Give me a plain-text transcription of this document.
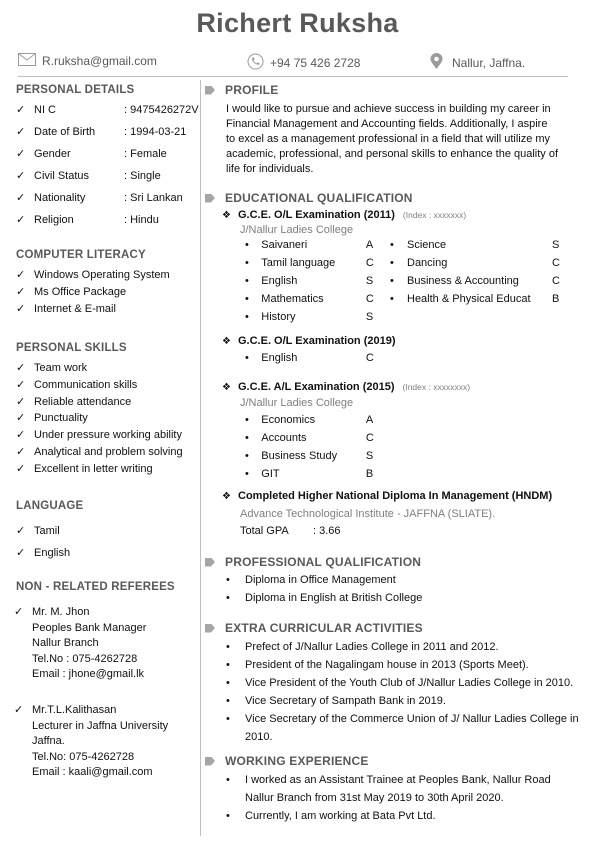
Richert Ruksha
R.ruksha@gmail.com	+94 75 426 2728	Nallur, Jaffna.
PERSONAL DETAILS
✓ NI C	: 9475426272V
✓ Date of Birth	: 1994-03-21
✓ Gender	: Female
✓ Civil Status	: Single
✓ Nationality	: Sri Lankan
✓ Religion	: Hindu
COMPUTER LITERACY
✓ Windows Operating System
✓ Ms Office Package
✓ Internet & E-mail
PERSONAL SKILLS
✓ Team work
✓ Communication skills
✓ Reliable attendance
✓ Punctuality
✓ Under pressure working ability
✓ Analytical and problem solving
✓ Excellent in letter writing
LANGUAGE
✓ Tamil
✓ English
NON - RELATED REFEREES
✓ Mr. M. Jhon
Peoples Bank Manager
Nallur Branch
Tel.No : 075-4262728
Email : jhone@gmail.lk
✓ Mr.T.L.Kalithasan
Lecturer in Jaffna University
Jaffna.
Tel.No: 075-4262728
Email : kaali@gmail.com
PROFILE
I would like to pursue and achieve success in building my career in
Financial Management and Accounting fields. Additionally, I aspire
to excel as a management professional in a field that will utilize my
academic, professional, and personal skills to enhance the quality of
life for individuals.
EDUCATIONAL QUALIFICATION
❖ G.C.E. O/L Examination (2011) (Index : xxxxxxx)
J/Nallur Ladies College
•	Saivaneri	A
•	Tamil language	C
•	English	S
•	Mathematics	C
•	History	S
•	Science	S
•	Dancing	C
•	Business & Accounting	C
•	Health & Physical Educat	B
❖ G.C.E. O/L Examination (2019)
•	English	C
❖ G.C.E. A/L Examination (2015) (Index : xxxxxxxx)
J/Nallur Ladies College
•	Economics	A
•	Accounts	C
•	Business Study	S
•	GIT	B
❖ Completed Higher National Diploma In Management (HNDM)
Advance Technological Institute - JAFFNA (SLIATE).
Total GPA	: 3.66
PROFESSIONAL QUALIFICATION
•	Diploma in Office Management
•	Diploma in English at British College
EXTRA CURRICULAR ACTIVITIES
•	Prefect of J/Nallur Ladies College in 2011 and 2012.
•	President of the Nagalingam house in 2013 (Sports Meet).
•	Vice President of the Youth Club of J/Nallur Ladies College in 2010.
•	Vice Secretary of Sampath Bank in 2019.
•	Vice Secretary of the Commerce Union of J/ Nallur Ladies College in
2010.
WORKING EXPERIENCE
•	I worked as an Assistant Trainee at Peoples Bank, Nallur Road
Nallur Branch from 31st May 2019 to 30th April 2020.
•	Currently, I am working at Bata Pvt Ltd.
